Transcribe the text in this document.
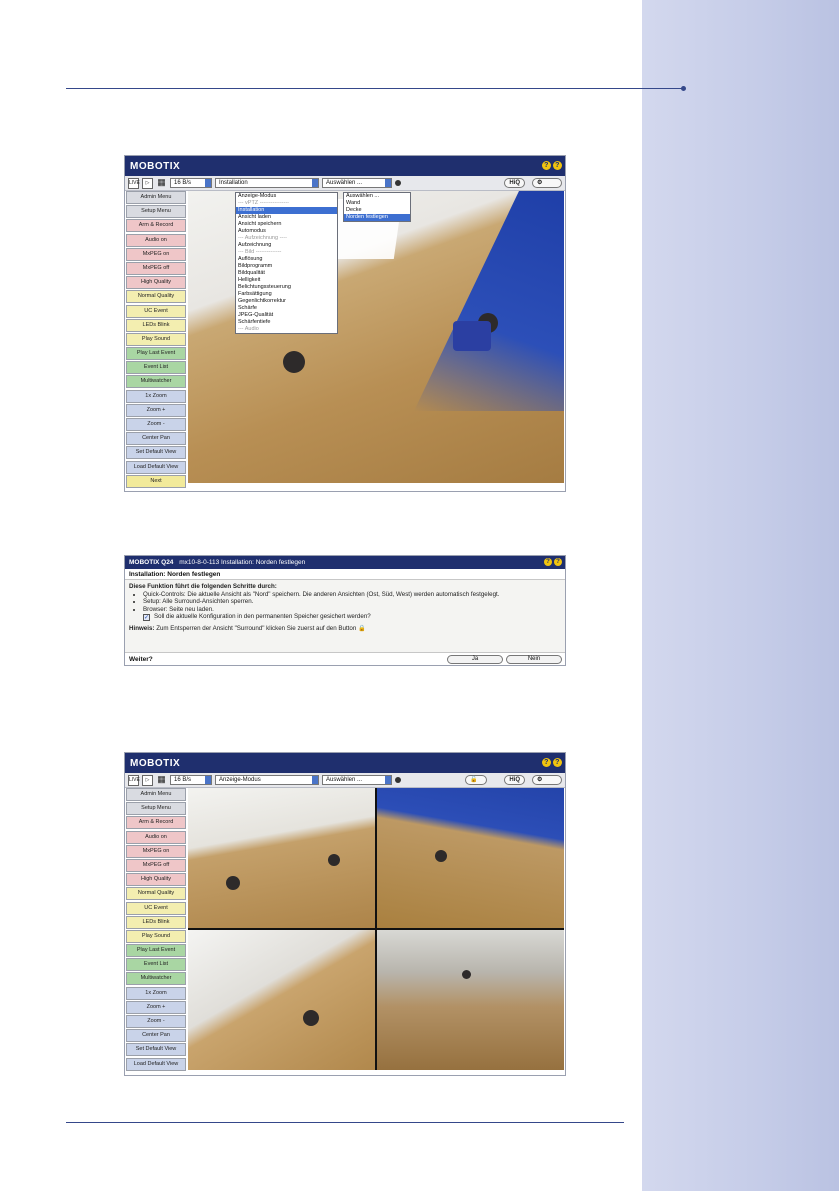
MOBOTIX	? ?
LIVE	▷ ▦	16 B/s	Installation	Auswählen ...	HiQ	⚙
Admin Menu
Setup Menu
Arm & Record
Audio on
MxPEG on
MxPEG off
High Quality
Normal Quality
UC Event
LEDs Blink
Play Sound
Play Last Event
Event List
Multiwatcher
1x Zoom
Zoom +
Zoom -
Center Pan
Set Default View
Load Default View
Next
Anzeige-Modus
--- vPTZ ----------------
Installation
Ansicht laden
Ansicht speichern
Automodus
--- Aufzeichnung ----
Aufzeichnung
--- Bild --------------
Auflösung
Bildprogramm
Bildqualität
Helligkeit
Belichtungssteuerung
Farbsättigung
Gegenlichtkorrektur
Schärfe
JPEG-Qualität
Schärfentiefe
--- Audio
Auswählen ...
Wand
Decke
Norden festlegen
MOBOTIX Q24 mx10-8-0-113 Installation: Norden festlegen	?	?
Installation: Norden festlegen
Diese Funktion führt die folgenden Schritte durch:
• Quick-Controls: Die aktuelle Ansicht als "Nord" speichern. Die anderen Ansichten (Ost, Süd, West) werden automatisch festgelegt.
• Setup: Alle Surround-Ansichten sperren.
• Browser: Seite neu laden.
✓ Soll die aktuelle Konfiguration in den permanenten Speicher gesichert werden?
Hinweis: Zum Entsperren der Ansicht "Surround" klicken Sie zuerst auf den Button 🔒
Weiter?	Ja	Nein
MOBOTIX	? ?
LIVE	▷ ▦	16 B/s	Anzeige-Modus	Auswählen ...	🔓	HiQ	⚙
Admin Menu
Setup Menu
Arm & Record
Audio on
MxPEG on
MxPEG off
High Quality
Normal Quality
UC Event
LEDs Blink
Play Sound
Play Last Event
Event List
Multiwatcher
1x Zoom
Zoom +
Zoom -
Center Pan
Set Default View
Load Default View
